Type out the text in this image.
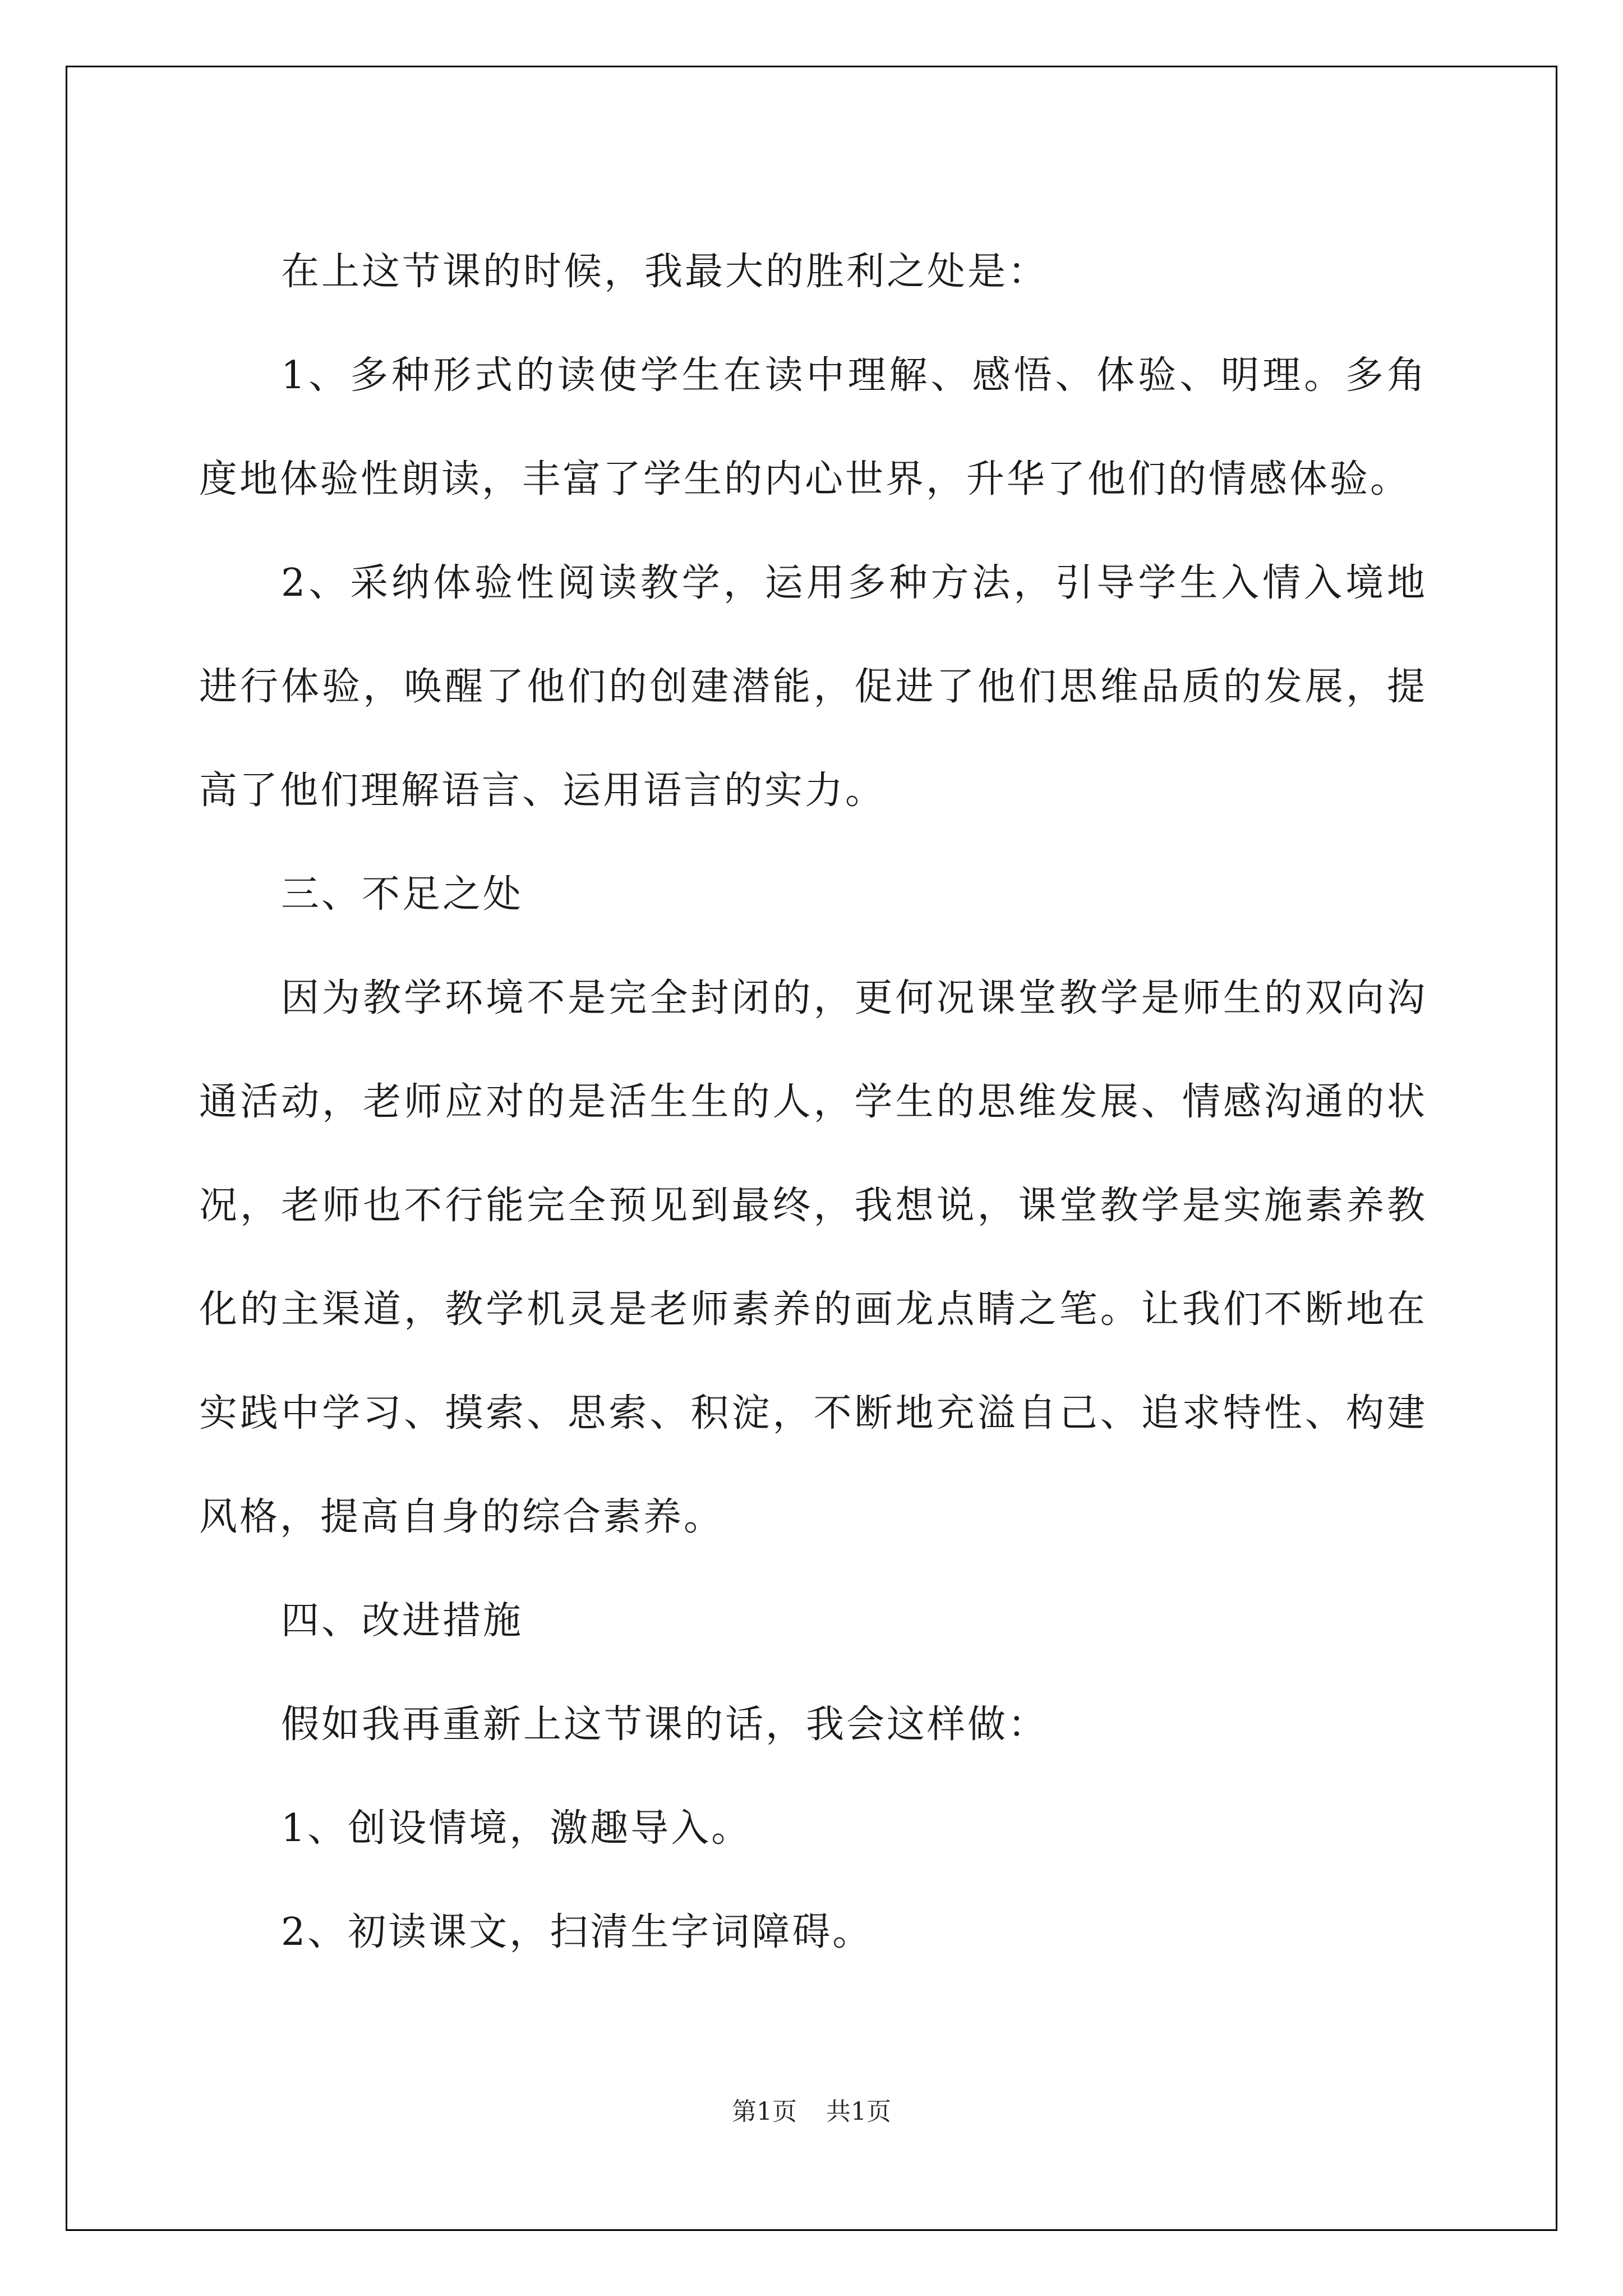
在上这节课的时候，我最大的胜利之处是：

1、多种形式的读使学生在读中理解、感悟、体验、明理。多角度地体验性朗读，丰富了学生的内心世界，升华了他们的情感体验。

2、采纳体验性阅读教学，运用多种方法，引导学生入情入境地进行体验，唤醒了他们的创建潜能，促进了他们思维品质的发展，提高了他们理解语言、运用语言的实力。

三、不足之处

因为教学环境不是完全封闭的，更何况课堂教学是师生的双向沟通活动，老师应对的是活生生的人，学生的思维发展、情感沟通的状况，老师也不行能完全预见到最终，我想说，课堂教学是实施素养教化的主渠道，教学机灵是老师素养的画龙点睛之笔。让我们不断地在实践中学习、摸索、思索、积淀，不断地充溢自己、追求特性、构建风格，提高自身的综合素养。

四、改进措施

假如我再重新上这节课的话，我会这样做：

1、创设情境，激趣导入。

2、初读课文，扫清生字词障碍。

第1页 共1页
